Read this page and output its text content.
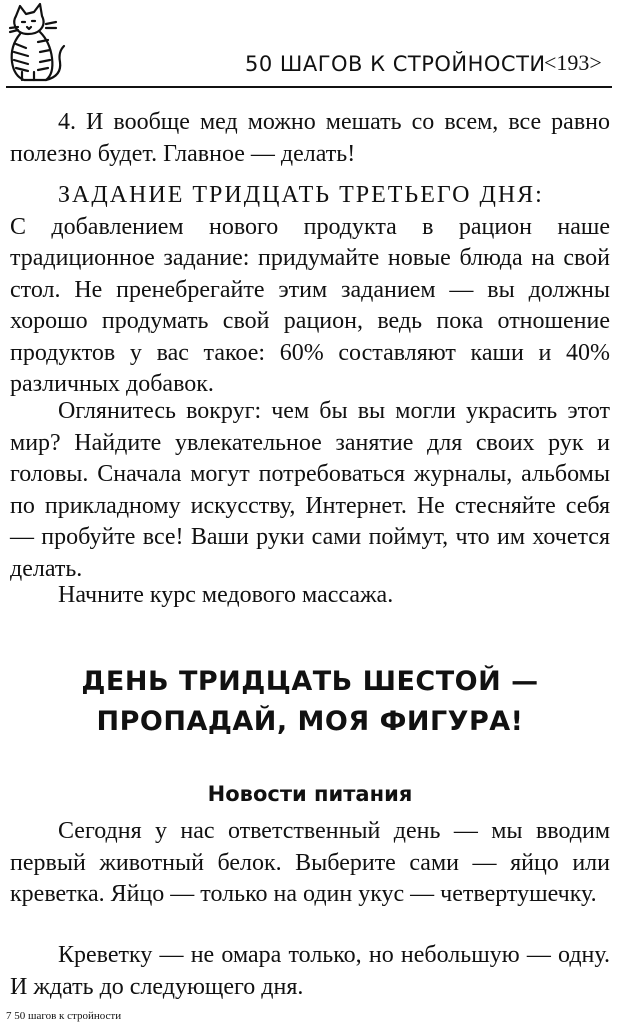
50 ШАГОВ К СТРОЙНОСТИ
<193>

4. И вообще мед можно мешать со всем, все равно полезно будет. Главное — делать!

ЗАДАНИЕ ТРИДЦАТЬ ТРЕТЬЕГО ДНЯ:
С добавлением нового продукта в рацион наше традиционное задание: придумайте новые блюда на свой стол. Не пренебрегайте этим заданием — вы должны хорошо продумать свой рацион, ведь пока отношение продуктов у вас такое: 60% составляют каши и 40% различных добавок.

Оглянитесь вокруг: чем бы вы могли украсить этот мир? Найдите увлекательное занятие для своих рук и головы. Сначала могут потребоваться журналы, альбомы по прикладному искусству, Интернет. Не стесняйте себя — пробуйте все! Ваши руки сами поймут, что им хочется делать.

Начните курс медового массажа.

ДЕНЬ ТРИДЦАТЬ ШЕСТОЙ —
ПРОПАДАЙ, МОЯ ФИГУРА!
Новости питания

Сегодня у нас ответственный день — мы вводим первый животный белок. Выберите сами — яйцо или креветка. Яйцо — только на один укус — четвертушечку.

Креветку — не омара только, но небольшую — одну. И ждать до следующего дня.

7 50 шагов к стройности
